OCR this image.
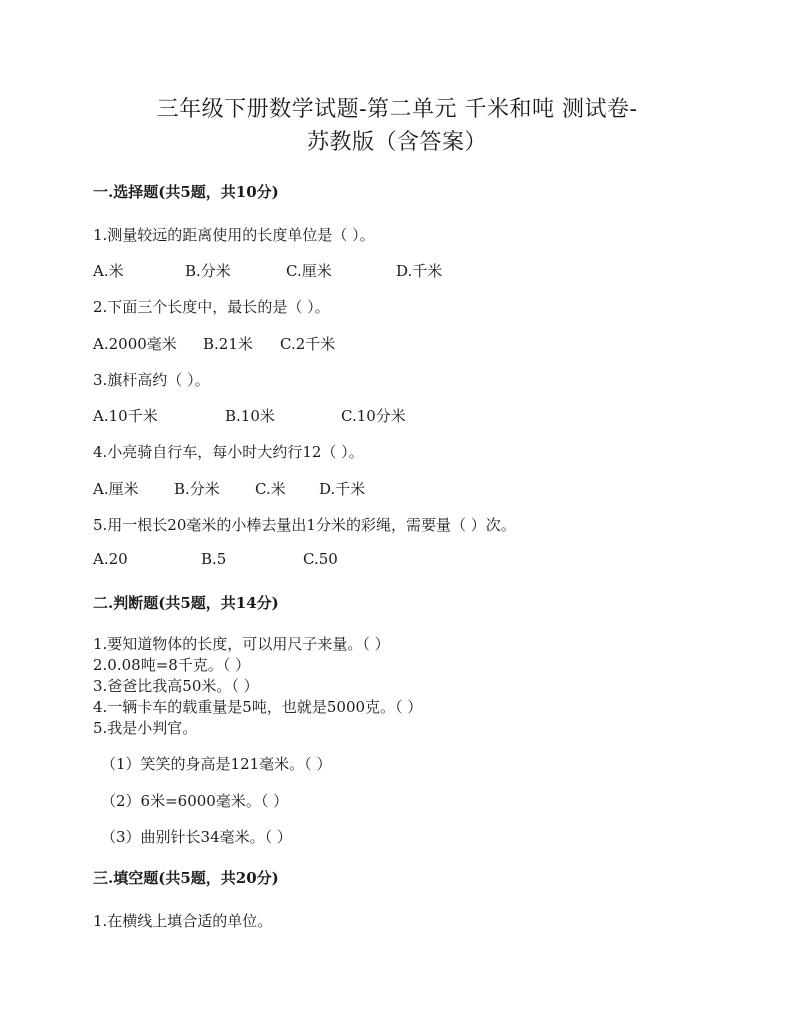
三年级下册数学试题-第二单元 千米和吨 测试卷-
苏教版（含答案）
一.选择题(共5题，共10分)
1.测量较远的距离使用的长度单位是（ ）。
A.米	B.分米	C.厘米	D.千米
2.下面三个长度中，最长的是（ ）。
A.2000毫米 B.21米 C.2千米
3.旗杆高约（ ）。
A.10千米	B.10米	C.10分米
4.小亮骑自行车，每小时大约行12（ ）。
A.厘米 B.分米 C.米 D.千米
5.用一根长20毫米的小棒去量出1分米的彩绳，需要量（ ）次。
A.20	B.5	C.50
二.判断题(共5题，共14分)
1.要知道物体的长度，可以用尺子来量。（ ）
2.0.08吨=8千克。（ ）
3.爸爸比我高50米。（ ）
4.一辆卡车的载重量是5吨，也就是5000克。（ ）
5.我是小判官。
（1）笑笑的身高是121毫米。（ ）
（2）6米=6000毫米。（ ）
（3）曲别针长34毫米。（ ）
三.填空题(共5题，共20分)
1.在横线上填合适的单位。
